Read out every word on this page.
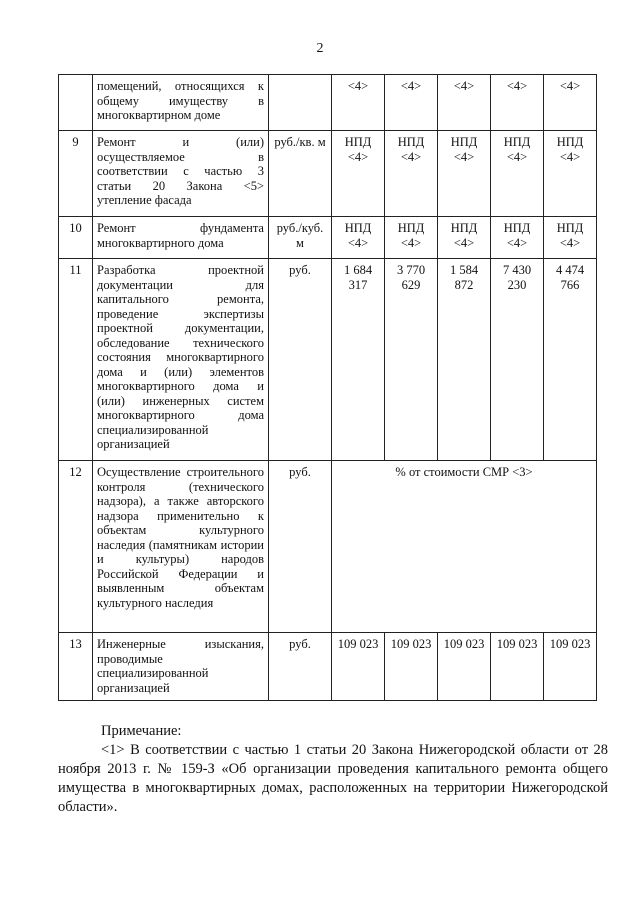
2
	помещений, относящихся к общему имуществу в многоквартирном доме		<4>	<4>	<4>	<4>	<4>
9	Ремонт и (или) осуществляемое в соответствии с частью 3 статьи 20 Закона <5> утепление фасада	руб./кв. м	НПД <4>	НПД <4>	НПД <4>	НПД <4>	НПД <4>
10	Ремонт фундамента многоквартирного дома	руб./куб. м	НПД <4>	НПД <4>	НПД <4>	НПД <4>	НПД <4>
11	Разработка проектной документации для капитального ремонта, проведение экспертизы проектной документации, обследование технического состояния многоквартирного дома и (или) элементов многоквартирного дома и (или) инженерных систем многоквартирного дома специализированной организацией	руб.	1 684 317	3 770 629	1 584 872	7 430 230	4 474 766
12	Осуществление строительного контроля (технического надзора), а также авторского надзора применительно к объектам культурного наследия (памятникам истории и культуры) народов Российской Федерации и выявленным объектам культурного наследия	руб.	% от стоимости СМР <3>				
13	Инженерные изыскания, проводимые специализированной организацией	руб.	109 023	109 023	109 023	109 023	109 023

Примечание:

<1> В соответствии с частью 1 статьи 20 Закона Нижегородской области от 28 ноября 2013 г. № 159-З «Об организации проведения капитального ремонта общего имущества в многоквартирных домах, расположенных на территории Нижегородской области».
